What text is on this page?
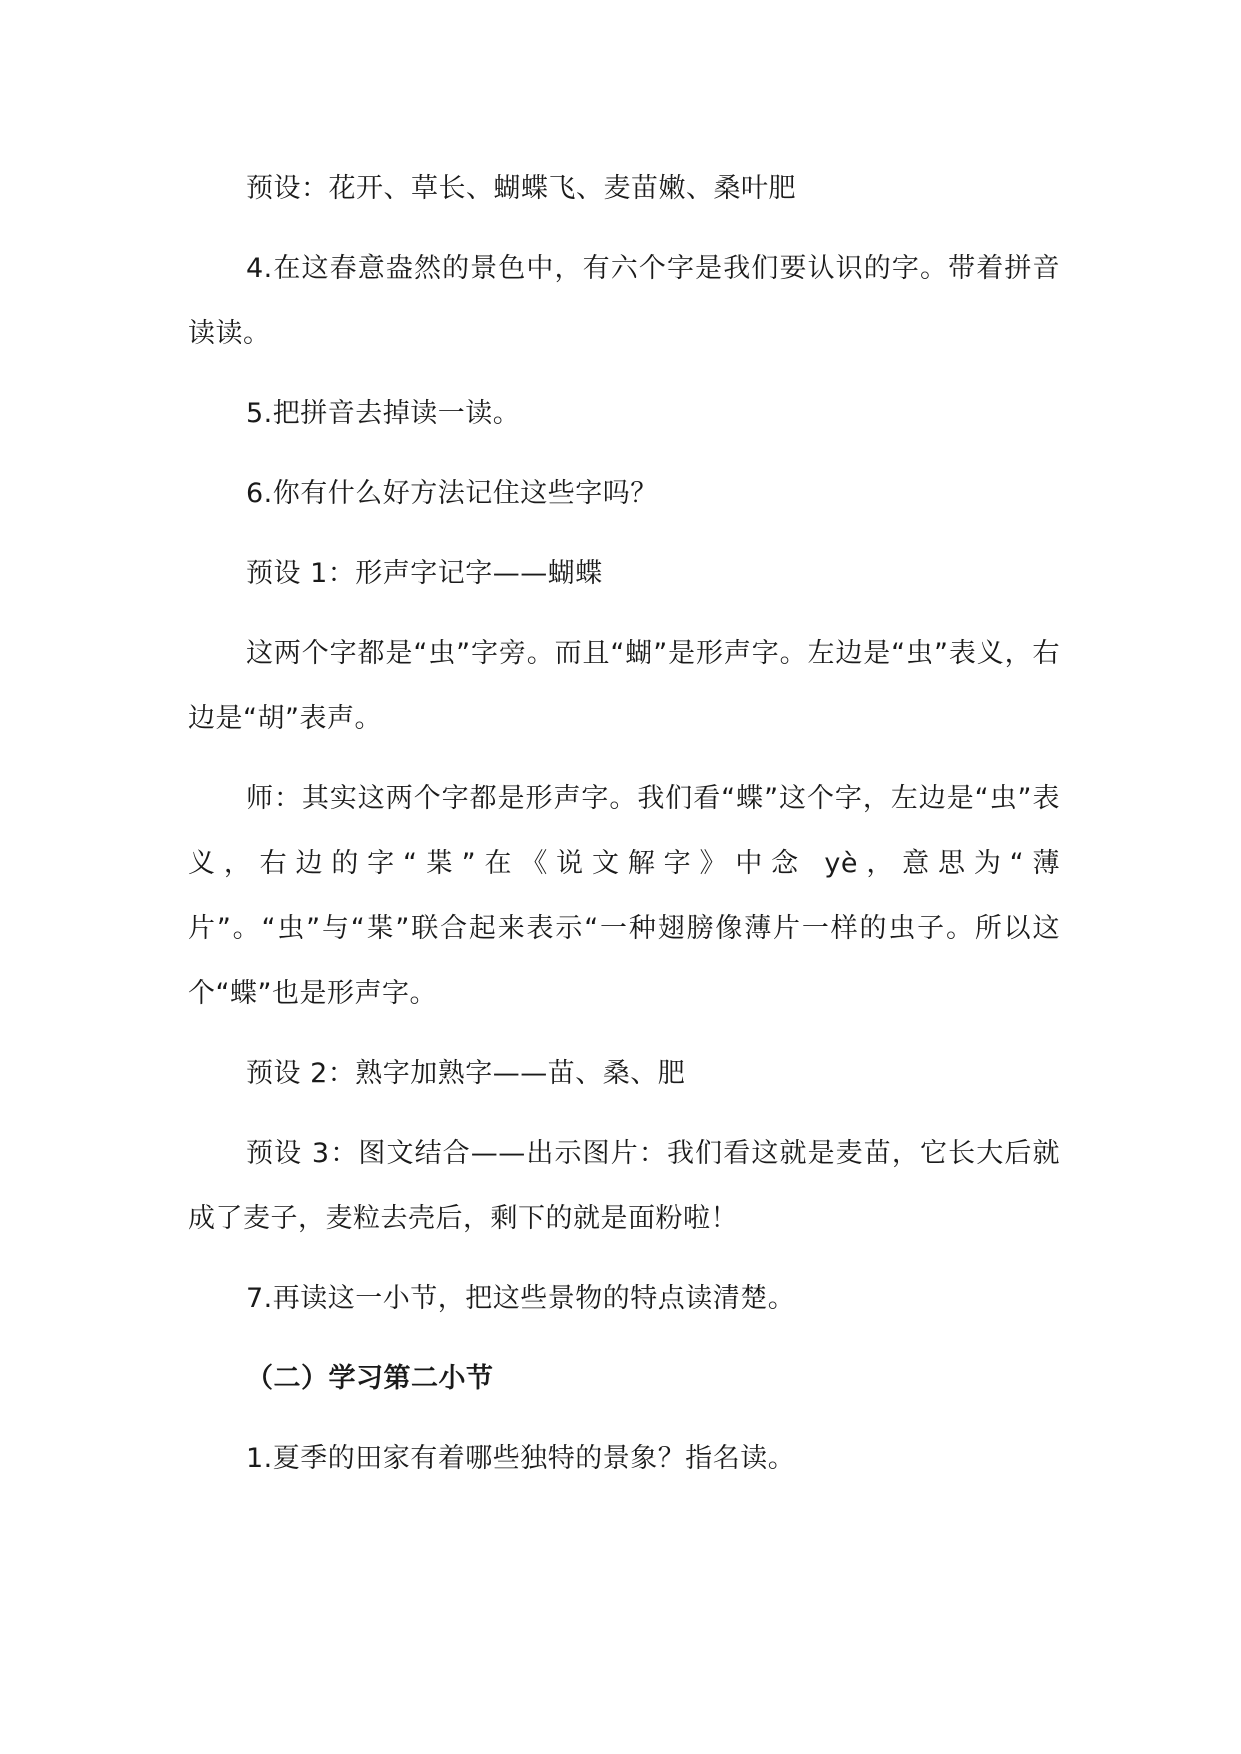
预设：花开、草长、蝴蝶飞、麦苗嫩、桑叶肥

4.在这春意盎然的景色中，有六个字是我们要认识的字。带着拼音读读。

5.把拼音去掉读一读。

6.你有什么好方法记住这些字吗？

预设 1：形声字记字——蝴蝶

这两个字都是“虫”字旁。而且“蝴”是形声字。左边是“虫”表义，右边是“胡”表声。

师：其实这两个字都是形声字。我们看“蝶”这个字，左边是“虫”表义，右边的字“枼”在《说文解字》中念 yè，意思为“薄片”。“虫”与“枼”联合起来表示“一种翅膀像薄片一样的虫子。所以这个“蝶”也是形声字。

预设 2：熟字加熟字——苗、桑、肥

预设 3：图文结合——出示图片：我们看这就是麦苗，它长大后就成了麦子，麦粒去壳后，剩下的就是面粉啦！

7.再读这一小节，把这些景物的特点读清楚。

（二）学习第二小节

1.夏季的田家有着哪些独特的景象？指名读。
